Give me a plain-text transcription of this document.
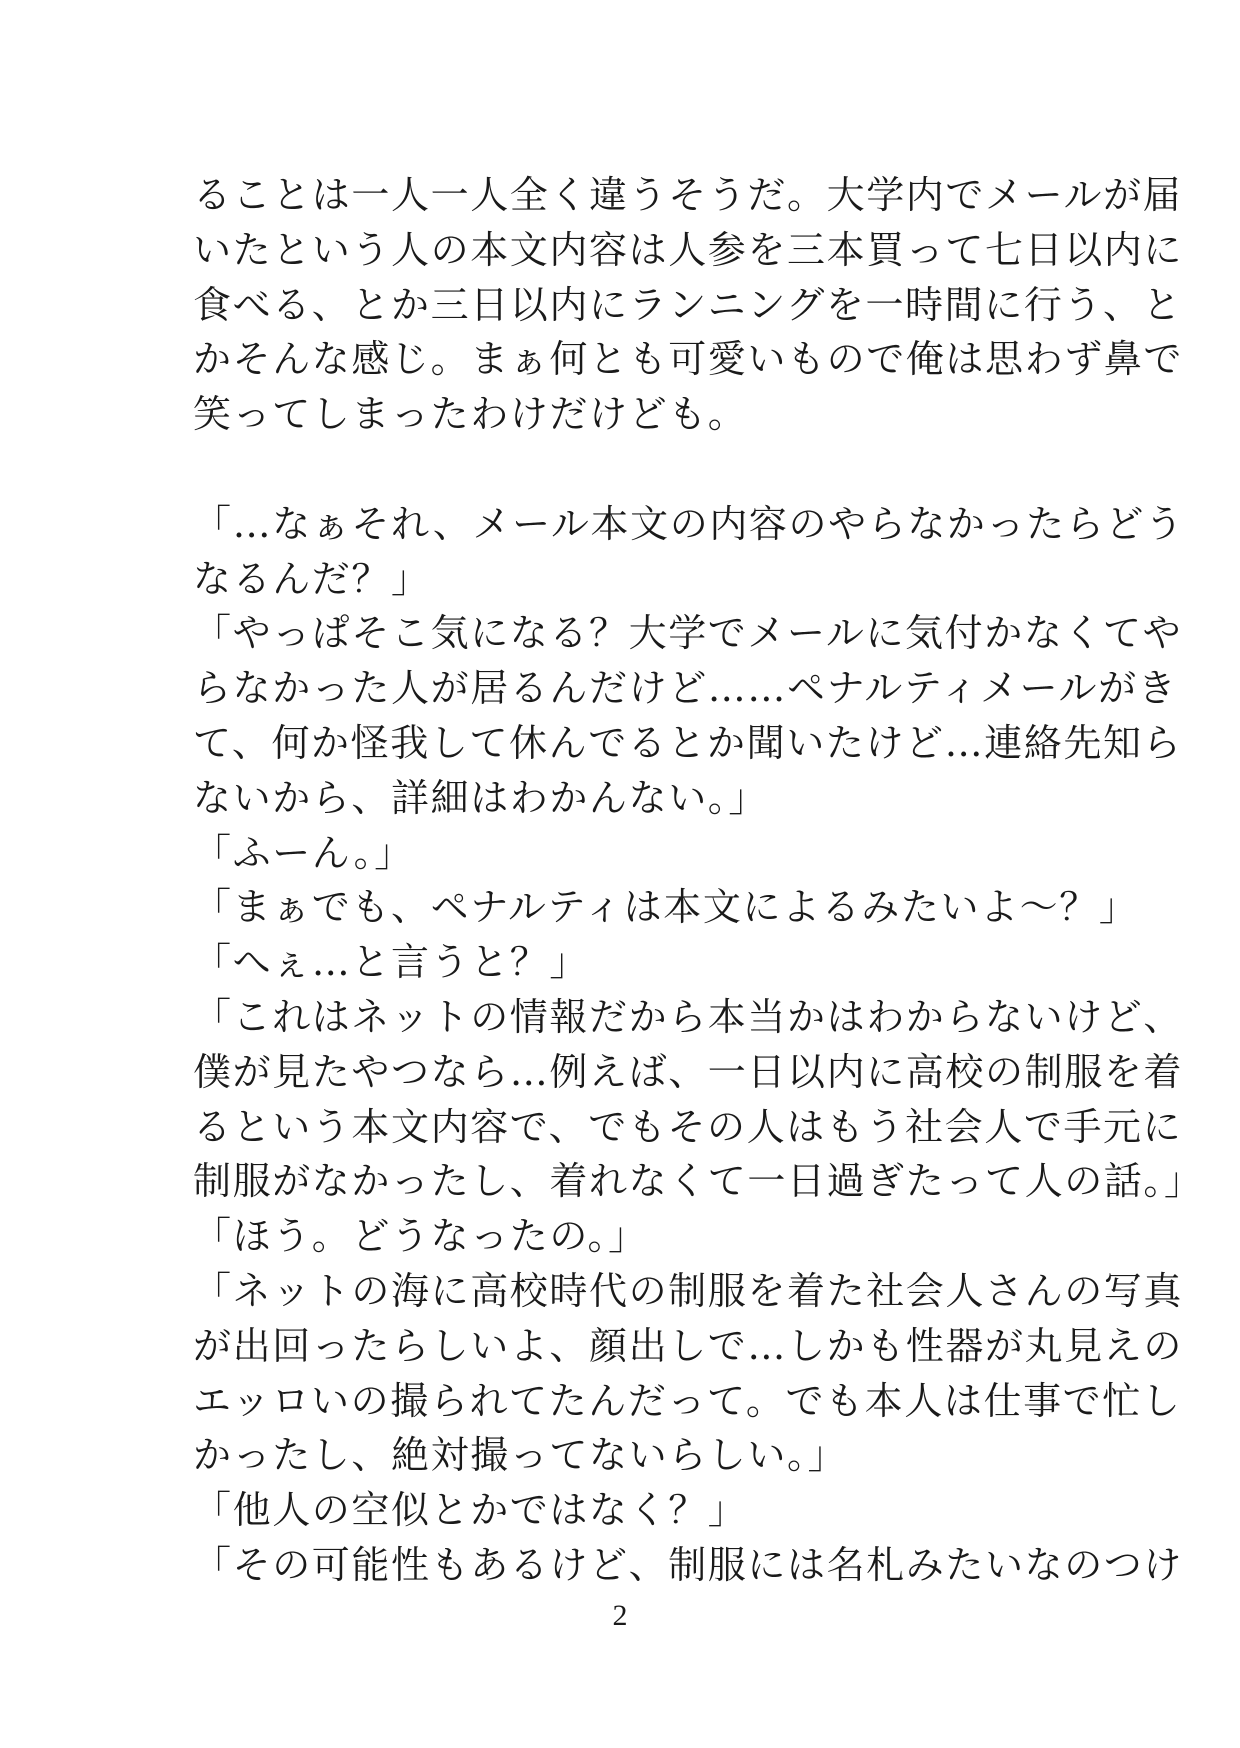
ることは一人一人全く違うそうだ。大学内でメールが届

いたという人の本文内容は人参を三本買って七日以内に

食べる、とか三日以内にランニングを一時間に行う、と

かそんな感じ。まぁ何とも可愛いもので俺は思わず鼻で

笑ってしまったわけだけども。

「…なぁそれ、メール本文の内容のやらなかったらどう

なるんだ？」

「やっぱそこ気になる？大学でメールに気付かなくてや

らなかった人が居るんだけど……ペナルティメールがき

て、何か怪我して休んでるとか聞いたけど…連絡先知ら

ないから、詳細はわかんない。」

「ふーん。」

「まぁでも、ペナルティは本文によるみたいよ〜？」

「へぇ…と言うと？」

「これはネットの情報だから本当かはわからないけど、

僕が見たやつなら…例えば、一日以内に高校の制服を着

るという本文内容で、でもその人はもう社会人で手元に

制服がなかったし、着れなくて一日過ぎたって人の話。」

「ほう。どうなったの。」

「ネットの海に高校時代の制服を着た社会人さんの写真

が出回ったらしいよ、顔出しで…しかも性器が丸見えの

エッロいの撮られてたんだって。でも本人は仕事で忙し

かったし、絶対撮ってないらしい。」

「他人の空似とかではなく？」

「その可能性もあるけど、制服には名札みたいなのつけ

2
